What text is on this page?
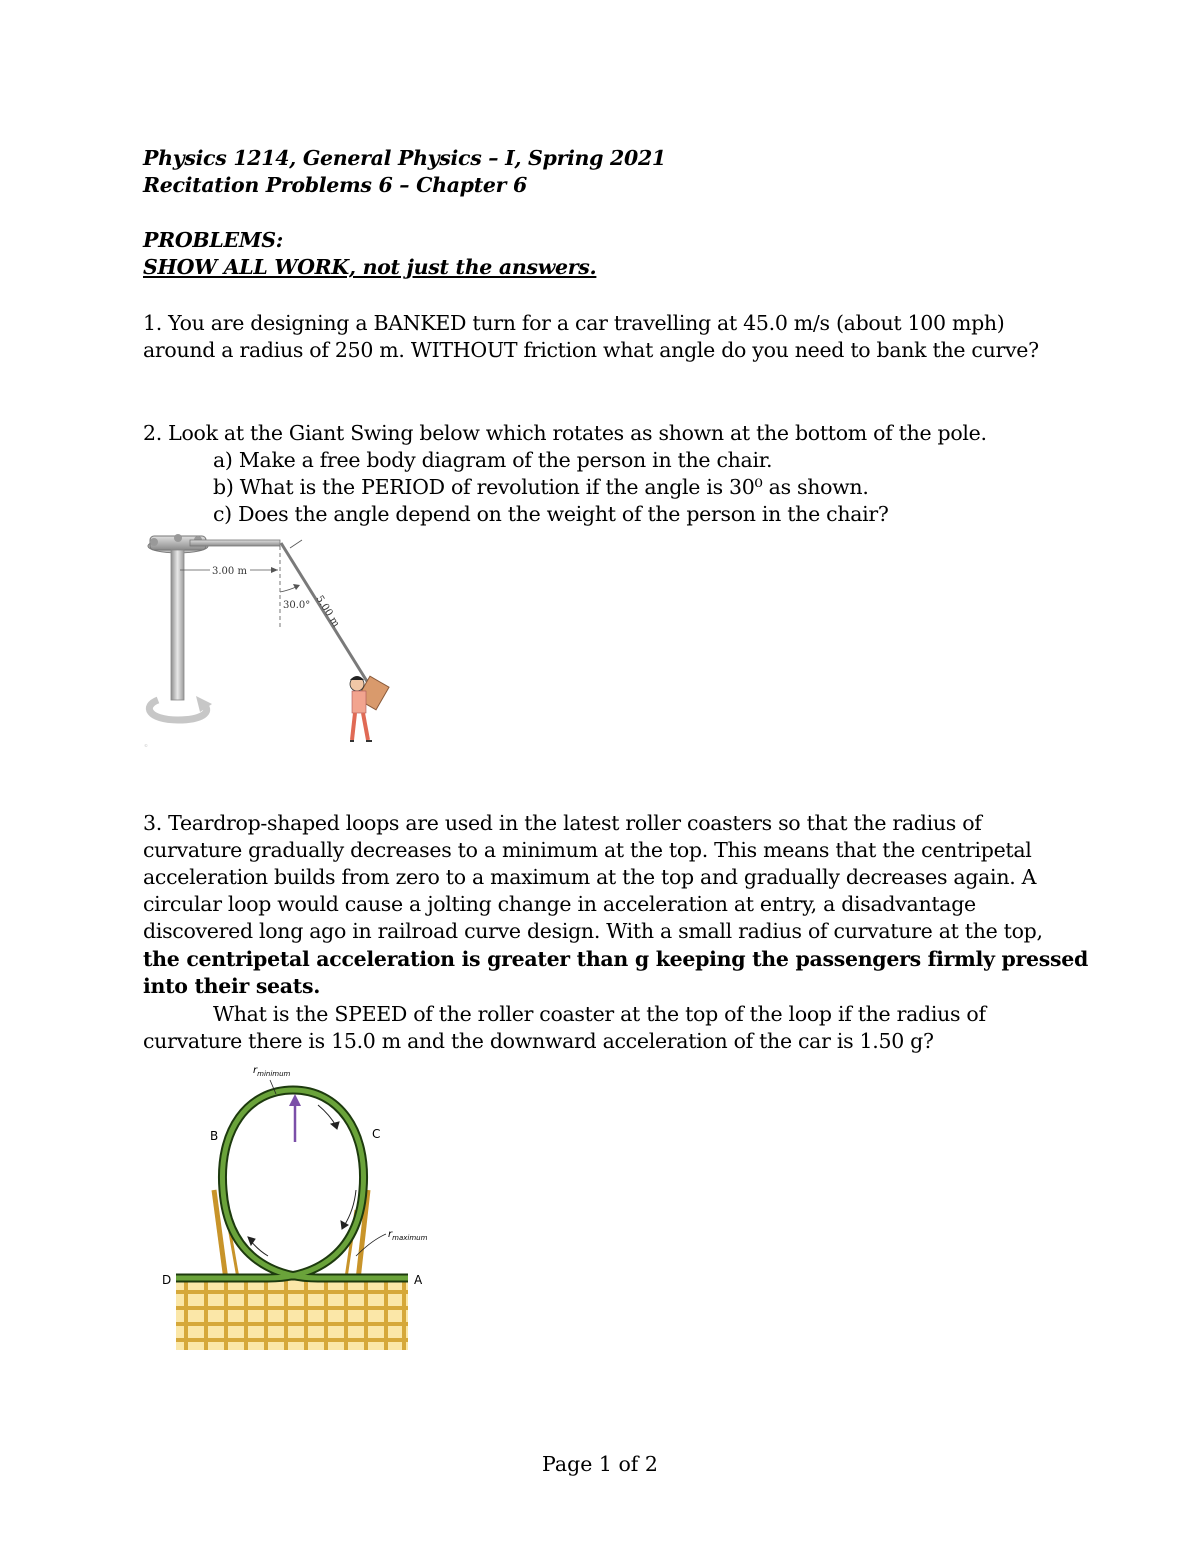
Physics 1214, General Physics – I, Spring 2021
Recitation Problems 6 – Chapter 6
PROBLEMS:
SHOW ALL WORK, not just the answers.
1. You are designing a BANKED turn for a car travelling at 45.0 m/s (about 100 mph)
around a radius of 250 m. WITHOUT friction what angle do you need to bank the curve?
2. Look at the Giant Swing below which rotates as shown at the bottom of the pole.
a) Make a free body diagram of the person in the chair.
b) What is the PERIOD of revolution if the angle is 30⁰ as shown.
c) Does the angle depend on the weight of the person in the chair?
3.00 m
30.0° 5.00 m
©
3. Teardrop-shaped loops are used in the latest roller coasters so that the radius of
curvature gradually decreases to a minimum at the top. This means that the centripetal
acceleration builds from zero to a maximum at the top and gradually decreases again. A
circular loop would cause a jolting change in acceleration at entry, a disadvantage
discovered long ago in railroad curve design. With a small radius of curvature at the top,
the centripetal acceleration is greater than g keeping the passengers firmly pressed
into their seats.
What is the SPEED of the roller coaster at the top of the loop if the radius of
curvature there is 15.0 m and the downward acceleration of the car is 1.50 g?
$r_{minimum}$
$r_{maximum}$
B	C
D	A
Page 1 of 2
